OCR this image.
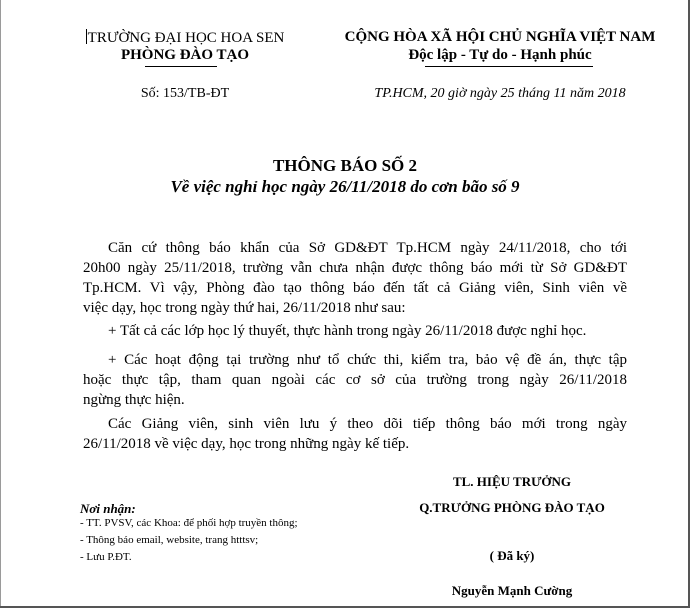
TRƯỜNG ĐẠI HỌC HOA SEN
PHÒNG ĐÀO TẠO
CỘNG HÒA XÃ HỘI CHỦ NGHĨA VIỆT NAM
Độc lập - Tự do - Hạnh phúc
Số: 153/TB-ĐT	TP.HCM, 20 giờ ngày 25 tháng 11 năm 2018
THÔNG BÁO SỐ 2
Về việc nghỉ học ngày 26/11/2018 do cơn bão số 9
Căn cứ thông báo khẩn của Sở GD&ĐT Tp.HCM ngày 24/11/2018, cho tới
20h00 ngày 25/11/2018, trường vẫn chưa nhận được thông báo mới từ Sở GD&ĐT
Tp.HCM. Vì vậy, Phòng đào tạo thông báo đến tất cả Giảng viên, Sinh viên về
việc dạy, học trong ngày thứ hai, 26/11/2018 như sau:
+ Tất cả các lớp học lý thuyết, thực hành trong ngày 26/11/2018 được nghỉ học.
+ Các hoạt động tại trường như tổ chức thi, kiểm tra, bảo vệ đề án, thực tập
hoặc thực tập, tham quan ngoài các cơ sở của trường trong ngày 26/11/2018
ngừng thực hiện.
Các Giảng viên, sinh viên lưu ý theo dõi tiếp thông báo mới trong ngày
26/11/2018 về việc dạy, học trong những ngày kế tiếp.
TL. HIỆU TRƯỞNG
Q.TRƯỞNG PHÒNG ĐÀO TẠO
( Đã ký)
Nguyễn Mạnh Cường
Nơi nhận:
- TT. PVSV, các Khoa: để phối hợp truyền thông;
- Thông báo email, website, trang htttsv;
- Lưu P.ĐT.
